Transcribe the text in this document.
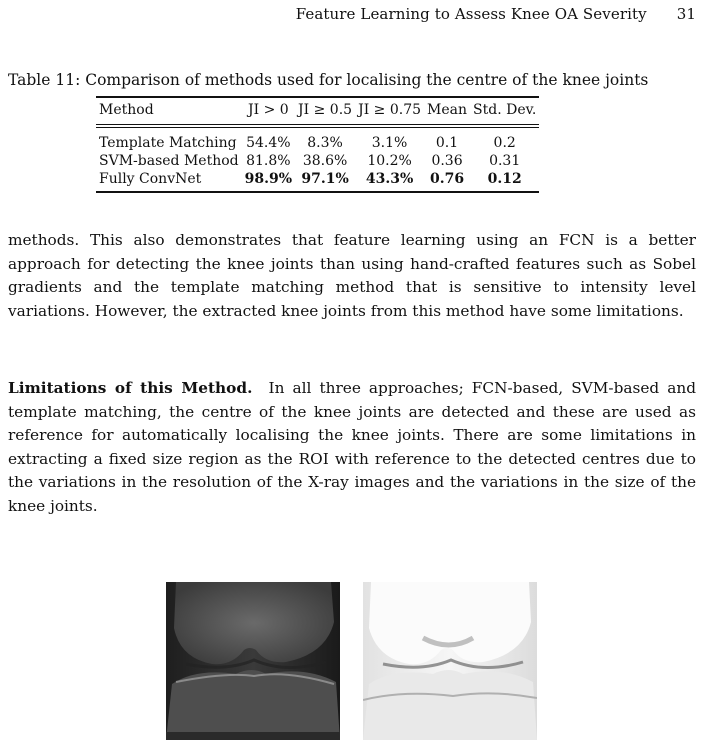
Feature Learning to Assess Knee OA Severity 31
Table 11: Comparison of methods used for localising the centre of the knee joints
Method	JI > 0	JI ≥ 0.5	JI ≥ 0.75	Mean	Std. Dev.
Template Matching	54.4%	8.3%	3.1%	0.1	0.2
SVM-based Method	81.8%	38.6%	10.2%	0.36	0.31
Fully ConvNet	98.9%	97.1%	43.3%	0.76	0.12

methods. This also demonstrates that feature learning using an FCN is a better approach for detecting the knee joints than using hand-crafted features such as Sobel gradients and the template matching method that is sensitive to intensity level variations. However, the extracted knee joints from this method have some limitations.

Limitations of this Method. In all three approaches; FCN-based, SVM-based and template matching, the centre of the knee joints are detected and these are used as reference for automatically localising the knee joints. There are some limitations in extracting a fixed size region as the ROI with reference to the detected centres due to the variations in the resolution of the X-ray images and the variations in the size of the knee joints.
